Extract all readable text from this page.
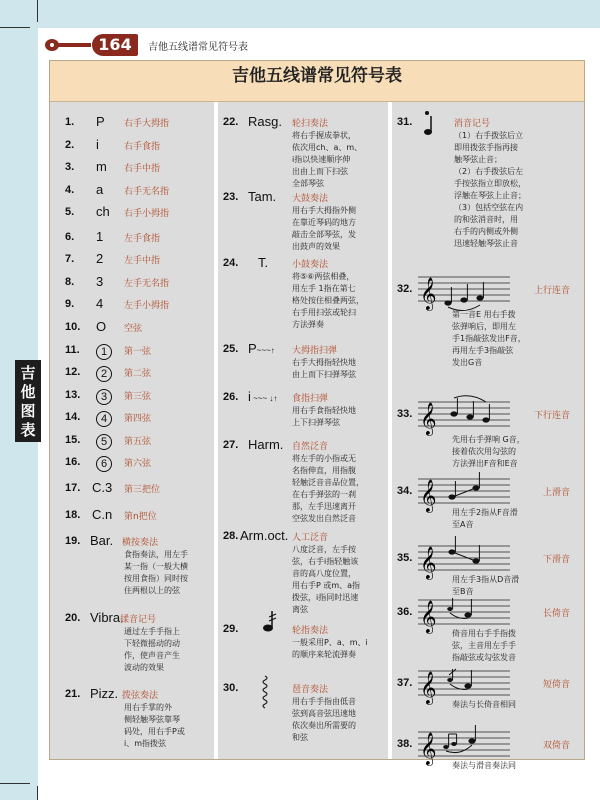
164	吉他五线谱常见符号表
吉
他
图
表
吉他五线谱常见符号表
1. P 右手大拇指
2. i	右手食指
3. m 右手中指
4. a 右手无名指
5. ch 右手小拇指
6. 1 左手食指
7. 2 左手中指
8. 3 左手无名指
9. 4 左手小拇指
10. O 空弦
11.	1	第一弦
12.	2	第二弦
13.	3	第三弦
14.	4	第四弦
15.	5	第五弦
16.	6	第六弦
17. C.3 第三把位
18. C.n 第n把位
19. Bar. 横按奏法
食指奏法，用左手
某一指（一般大横
按用食指）同时按
住两根以上的弦
20. Vibra.
揉音记号
通过左手手指上
下轻微摇动的动
作，使声音产生
波动的效果
21. Pizz. 拨弦奏法
用右手掌的外
侧轻触琴弦靠琴
码处，用右手P或
i、m指拨弦
22. Rasg. 轮扫奏法
将右手握成拳状，
依次用ch、a、m、
i指以快速顺序伸
出由上而下扫弦
全部琴弦
23. Tam. 大鼓奏法
用右手大拇指外侧
在靠近琴码的地方
敲击全部琴弦，发
出鼓声的效果
24. T.	小鼓奏法
将⑤⑥两弦相叠，
用左手 1指在第七
格处按住相叠两弦，
右手用扫弦或轮扫
方法弹奏
25. P~~~↑ 大拇指扫弹
右手大拇指轻快地
由上而下扫弹琴弦
26. i ~~~ ↓↑ 食指扫弹
用右手食指轻快地
上下扫弹琴弦
27. Harm. 自然泛音
将左手的小指或无
名指伸直，用指腹
轻触泛音音品位置，
在右手弹弦的一刹
那，左手迅速离开
空弦发出自然泛音
28. Arm.oct. 人工泛音
八度泛音，左手按
弦，右手i指轻触该
音的高八度位置，
用右手P 或m、a指
拨弦，i指同时迅速
离弦
29.	轮指奏法
一般采用P、a、m、i
的顺序来轮流弹奏
30.	琶音奏法
用右手手指由低音
弦到高音弦迅速地
依次奏出所需要的
和弦
31.	消音记号
（1）右手拨弦后立
即用拨弦手指再接
触琴弦止音；
（2）右手拨弦后左
手按弦指立即放松，
浮触在琴弦上止音；
（3）包括空弦在内
的和弦消音时，用
右手的内侧或外侧
迅速轻触琴弦止音
32. 𝄞	上行连音
第一音E 用右手拨
弦弹响后，即用左
手1指敲弦发出F音，
再用左手3指敲弦
发出G音
33. 𝄞	下行连音
先用右手弹响 G音，
接着依次用勾弦的
方法弹出F音和E音
34. 𝄞	上滑音
用左手2指从F音滑
至A音
35. 𝄞	下滑音
用左手3指从D音滑
至B音
36. 𝄞	长倚音
倚音用右手手指拨
弦，主音用左手手
指敲弦或勾弦发音
37. 𝄞	短倚音
奏法与长倚音相同
38. 𝄞	双倚音
奏法与滑音奏法同
